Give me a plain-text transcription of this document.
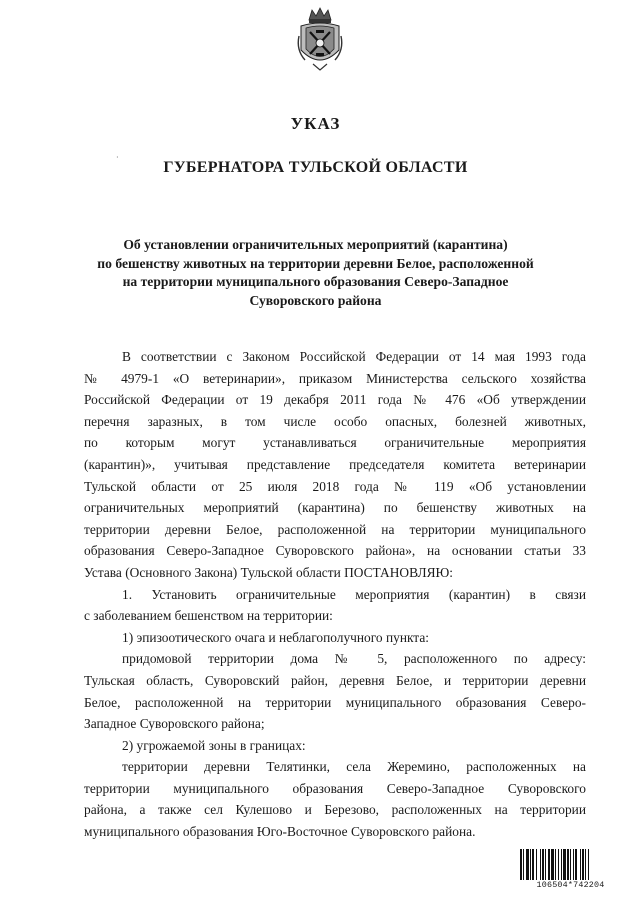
УКАЗ
·
ГУБЕРНАТОРА ТУЛЬСКОЙ ОБЛАСТИ
Об установлении ограничительных мероприятий (карантина)
по бешенству животных на территории деревни Белое, расположенной
на территории муниципального образования Северо-Западное
Суворовского района
В соответствии с Законом Российской Федерации от 14 мая 1993 года
№ 4979-1 «О ветеринарии», приказом Министерства сельского хозяйства
Российской Федерации от 19 декабря 2011 года № 476 «Об утверждении
перечня заразных, в том числе особо опасных, болезней животных,
по которым могут устанавливаться ограничительные мероприятия
(карантин)», учитывая представление председателя комитета ветеринарии
Тульской области от 25 июля 2018 года № 119 «Об установлении
ограничительных мероприятий (карантина) по бешенству животных на
территории деревни Белое, расположенной на территории муниципального
образования Северо-Западное Суворовского района», на основании статьи 33
Устава (Основного Закона) Тульской области ПОСТАНОВЛЯЮ:
1. Установить ограничительные мероприятия (карантин) в связи
с заболеванием бешенством на территории:
1) эпизоотического очага и неблагополучного пункта:
придомовой территории дома № 5, расположенного по адресу:
Тульская область, Суворовский район, деревня Белое, и территории деревни
Белое, расположенной на территории муниципального образования Северо-
Западное Суворовского района;
2) угрожаемой зоны в границах:
территории деревни Телятинки, села Жеремино, расположенных на
территории муниципального образования Северо-Западное Суворовского
района, а также сел Кулешово и Березово, расположенных на территории
муниципального образования Юго-Восточное Суворовского района.
106504*742204
